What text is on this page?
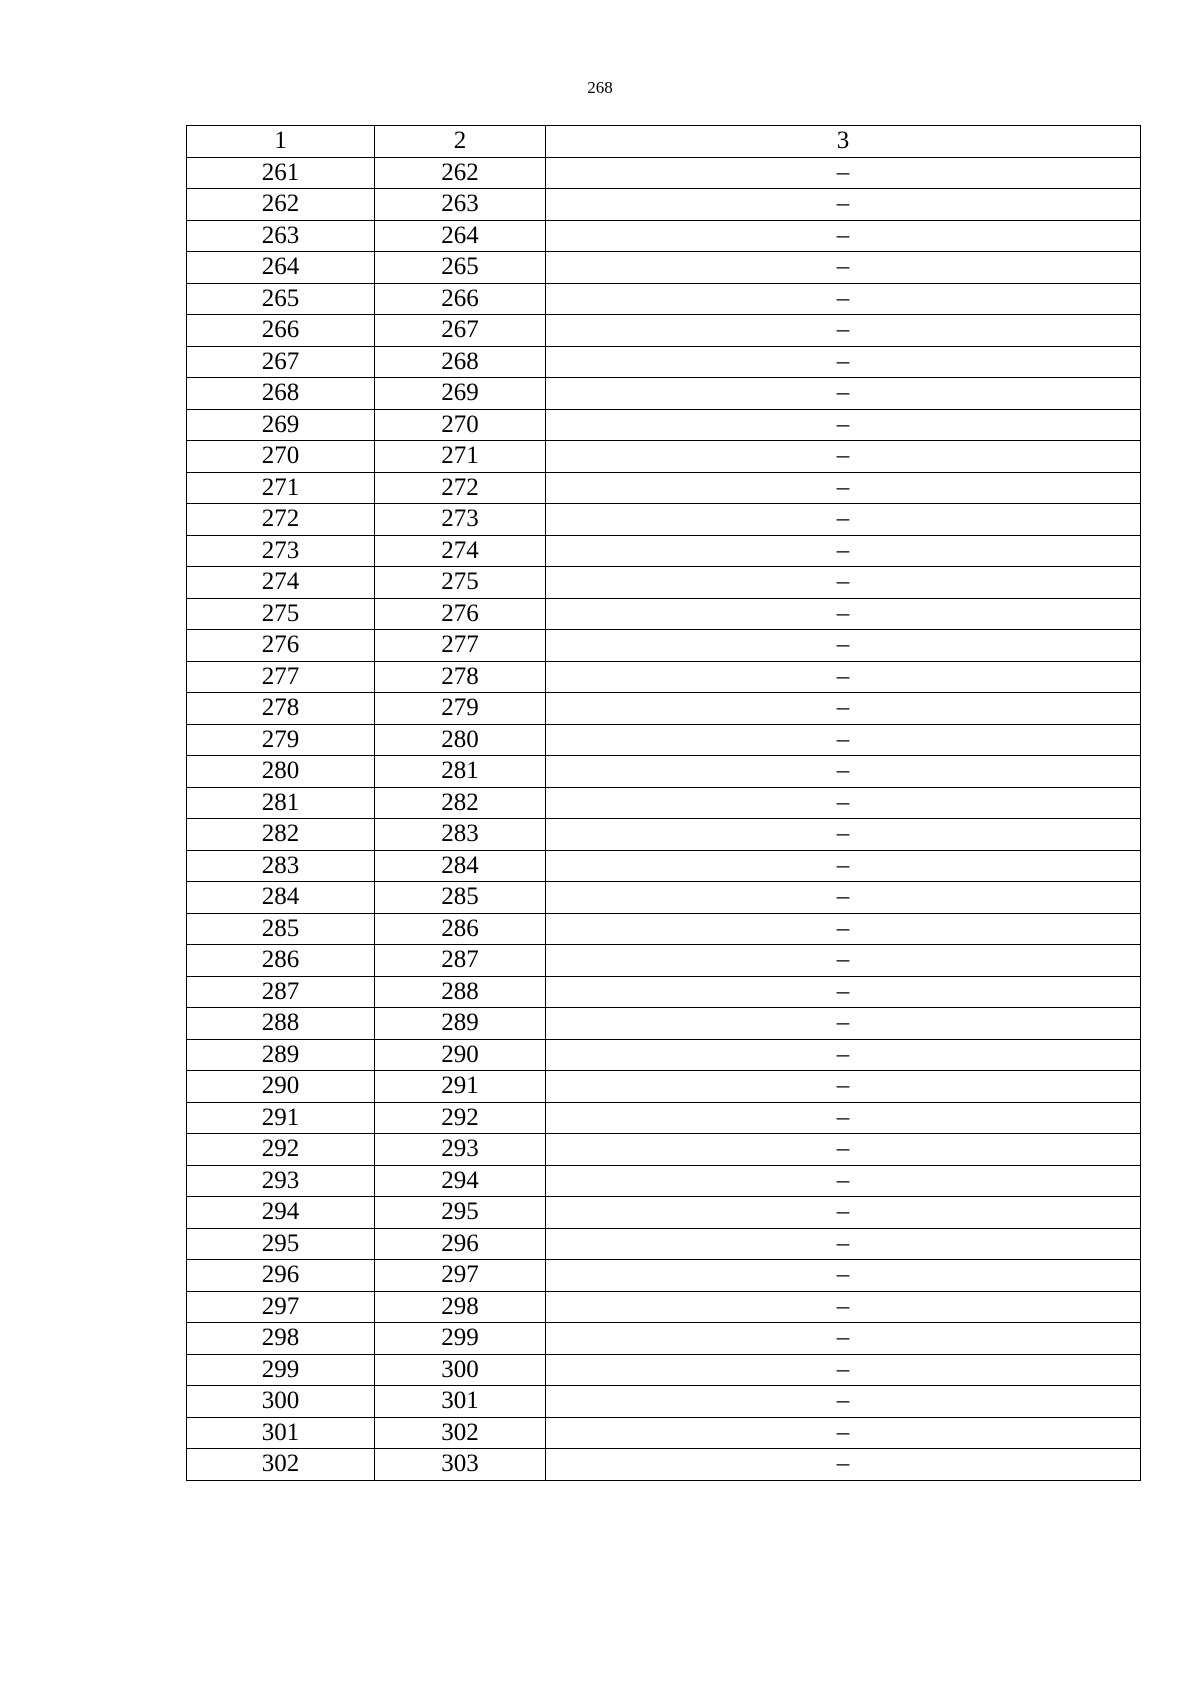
268
1	2	3
261	262	–
262	263	–
263	264	–
264	265	–
265	266	–
266	267	–
267	268	–
268	269	–
269	270	–
270	271	–
271	272	–
272	273	–
273	274	–
274	275	–
275	276	–
276	277	–
277	278	–
278	279	–
279	280	–
280	281	–
281	282	–
282	283	–
283	284	–
284	285	–
285	286	–
286	287	–
287	288	–
288	289	–
289	290	–
290	291	–
291	292	–
292	293	–
293	294	–
294	295	–
295	296	–
296	297	–
297	298	–
298	299	–
299	300	–
300	301	–
301	302	–
302	303	–
